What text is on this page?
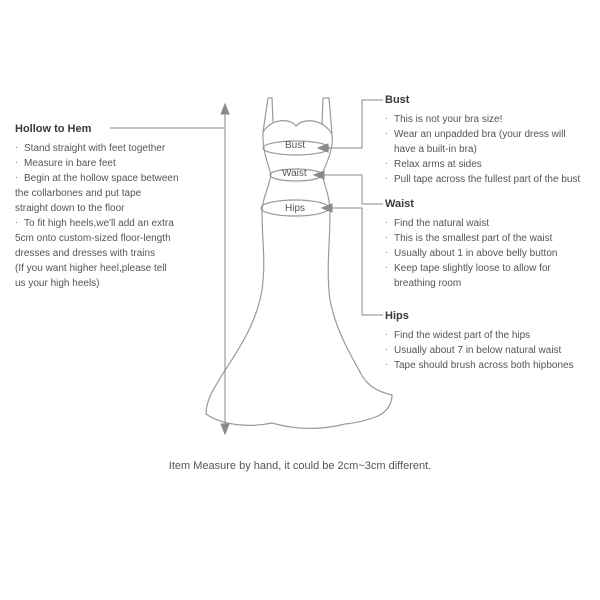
Bust
Waist
Hips
Hollow to Hem
. Stand straight with feet together
. Measure in bare feet
. Begin at the hollow space between
the collarbones and put tape
straight down to the floor
. To fit high heels,we'll add an extra
5cm onto custom-sized floor-length
dresses and dresses with trains
(If you want higher heel,please tell
us your high heels)
Bust
. This is not your bra size!
. Wear an unpadded bra (your dress will
have a built-in bra)
. Relax arms at sides
. Pull tape across the fullest part of the bust
Waist
. Find the natural waist
. This is the smallest part of the waist
. Usually about 1 in above belly button
. Keep tape slightly loose to allow for
breathing room
Hips
. Find the widest part of the hips
. Usually about 7 in below natural waist
. Tape should brush across both hipbones
Item Measure by hand, it could be 2cm~3cm different.
